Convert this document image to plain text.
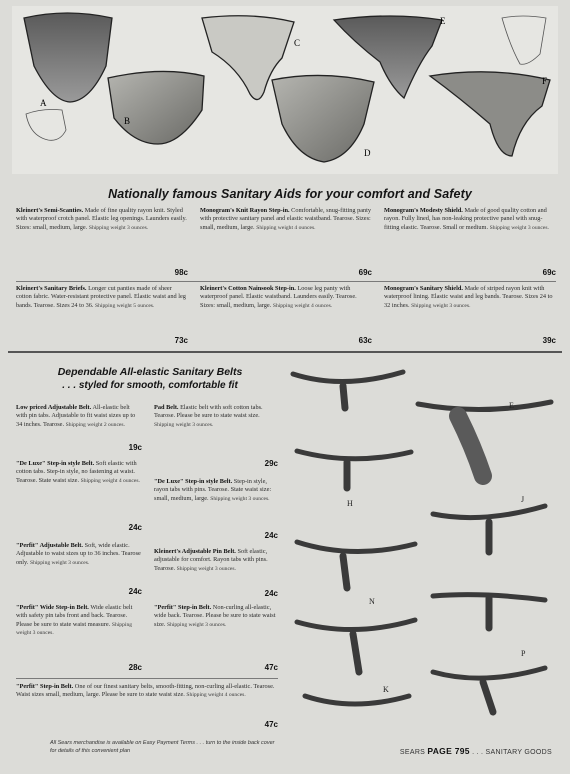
A
B
C
D
E
F
Nationally famous Sanitary Aids for your comfort and Safety
Kleinert's Semi-Scanties. Made of fine quality rayon knit. Styled with waterproof crotch panel. Elastic leg openings. Launders easily. Sizes: small, medium, large. Shipping weight 3 ounces.
98c
Monogram's Knit Rayon Step-in. Comfortable, snug-fitting panty with protective sanitary panel and elastic waistband. Tearose. Sizes: small, medium, large. Shipping weight 4 ounces.
69c
Monogram's Modesty Shield. Made of good quality cotton and rayon. Fully lined, has non-leaking protective panel with snug-fitting elastic. Tearose. Small or medium. Shipping weight 3 ounces.
69c
Kleinert's Sanitary Briefs. Longer cut panties made of sheer cotton fabric. Water-resistant protective panel. Elastic waist and leg bands. Tearose. Sizes 24 to 36. Shipping weight 5 ounces.
73c
Kleinert's Cotton Nainsook Step-in. Loose leg panty with waterproof panel. Elastic waistband. Launders easily. Tearose. Sizes: small, medium, large. Shipping weight 4 ounces.
63c
Monogram's Sanitary Shield. Made of striped rayon knit with waterproof lining. Elastic waist and leg bands. Tearose. Sizes 24 to 32 inches. Shipping weight 3 ounces.
39c
Dependable All-elastic Sanitary Belts
. . . styled for smooth, comfortable fit
Low priced Adjustable Belt. All-elastic belt with pin tabs. Adjustable to fit waist sizes up to 34 inches. Tearose. Shipping weight 2 ounces.
19c
"De Luxe" Step-in style Belt. Soft elastic with cotton tabs. Step-in style, no fastening at waist. Tearose. State waist size. Shipping weight 4 ounces.
24c
"Perfit" Adjustable Belt. Soft, wide elastic. Adjustable to waist sizes up to 36 inches. Tearose only. Shipping weight 3 ounces.
24c
"Perfit" Wide Step-in Belt. Wide elastic belt with safety pin tabs front and back. Tearose. Please be sure to state waist measure. Shipping weight 3 ounces.
28c
Pad Belt. Elastic belt with soft cotton tabs. Tearose. Please be sure to state waist size. Shipping weight 3 ounces.
29c
"De Luxe" Step-in style Belt. Step-in style, rayon tabs with pins. Tearose. State waist size: small, medium, large. Shipping weight 3 ounces.
24c
Kleinert's Adjustable Pin Belt. Soft elastic, adjustable for comfort. Rayon tabs with pins. Tearose. Shipping weight 3 ounces.
24c
"Perfit" Step-in Belt. Non-curling all-elastic, wide back. Tearose. Please be sure to state waist size. Shipping weight 3 ounces.
47c
"Perfit" Step-in Belt. One of our finest sanitary belts, smooth-fitting, non-curling all-elastic. Tearose. Waist sizes small, medium, large. Please be sure to state waist size. Shipping weight 4 ounces.
47c
E
H	J
N
P
K
All Sears merchandise is available on Easy Payment Terms . . . turn to the inside back cover for details of this convenient plan	SEARS PAGE 795 . . . SANITARY GOODS
